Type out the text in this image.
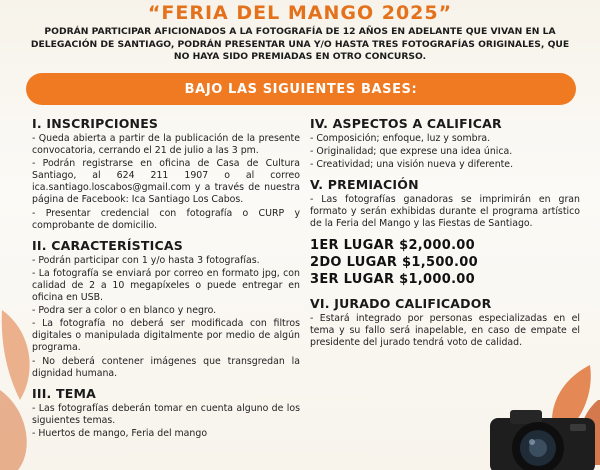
“FERIA DEL MANGO 2025”
PODRÁN PARTICIPAR AFICIONADOS A LA FOTOGRAFÍA DE 12 AÑOS EN ADELANTE QUE VIVAN EN LA DELEGACIÓN DE SANTIAGO, PODRÁN PRESENTAR UNA Y/O HASTA TRES FOTOGRAFÍAS ORIGINALES, QUE NO HAYA SIDO PREMIADAS EN OTRO CONCURSO.
BAJO LAS SIGUIENTES BASES:
I. INSCRIPCIONES

- Queda abierta a partir de la publicación de la presente convocatoria, cerrando el 21 de julio a las 3 pm.

- Podrán registrarse en oficina de Casa de Cultura Santiago, al 624 211 1907 o al correo ica.santiago.loscabos@gmail.com y a través de nuestra página de Facebook: Ica Santiago Los Cabos.

- Presentar credencial con fotografía o CURP y comprobante de domicilio.

II. CARACTERÍSTICAS

- Podrán participar con 1 y/o hasta 3 fotografías.

- La fotografía se enviará por correo en formato jpg, con calidad de 2 a 10 megapíxeles o puede entregar en oficina en USB.

- Podra ser a color o en blanco y negro.

- La fotografía no deberá ser modificada con filtros digitales o manipulada digitalmente por medio de algún programa.

- No deberá contener imágenes que transgredan la dignidad humana.

III. TEMA

- Las fotografías deberán tomar en cuenta alguno de los siguientes temas.

- Huertos de mango, Feria del mango

IV. ASPECTOS A CALIFICAR

- Composición; enfoque, luz y sombra.

- Originalidad; que exprese una idea única.

- Creatividad; una visión nueva y diferente.

V. PREMIACIÓN

- Las fotografías ganadoras se imprimirán en gran formato y serán exhibidas durante el programa artístico de la Feria del Mango y las Fiestas de Santiago.

1ER LUGAR $2,000.00
2DO LUGAR $1,500.00
3ER LUGAR $1,000.00
VI. JURADO CALIFICADOR

- Estará integrado por personas especializadas en el tema y su fallo será inapelable, en caso de empate el presidente del jurado tendrá voto de calidad.
